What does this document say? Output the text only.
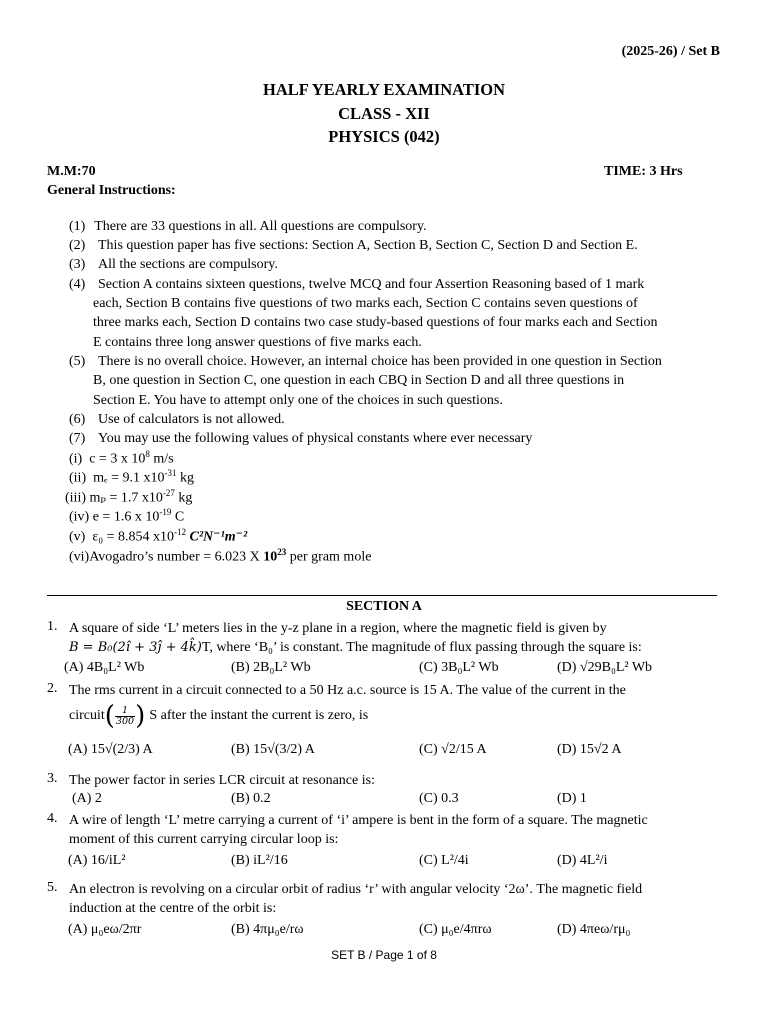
(2025-26) / Set B
HALF YEARLY EXAMINATION
CLASS - XII
PHYSICS (042)
M.M:70	TIME: 3 Hrs
General Instructions:
(1) There are 33 questions in all. All questions are compulsory.
(2) This question paper has five sections: Section A, Section B, Section C, Section D and Section E.
(3) All the sections are compulsory.
(4) Section A contains sixteen questions, twelve MCQ and four Assertion Reasoning based of 1 mark
each, Section B contains five questions of two marks each, Section C contains seven questions of
three marks each, Section D contains two case study-based questions of four marks each and Section
E contains three long answer questions of five marks each.
(5) There is no overall choice. However, an internal choice has been provided in one question in Section
B, one question in Section C, one question in each CBQ in Section D and all three questions in
Section E. You have to attempt only one of the choices in such questions.
(6) Use of calculators is not allowed.
(7) You may use the following values of physical constants where ever necessary
(i) c = 3 x $10^8$ m/s
(ii) mₑ = 9.1 $x10^{-31}$ kg
(iii) mₚ = 1.7 $x10^{-27}$ kg
(iv) e = 1.6 x $10^{-19}$ C
(v) ε₀ = 8.854 $x10^{-12}$ C²N⁻¹m⁻²
(vi)Avogadro’s number = 6.023 X $10^{23}$ per gram mole
SECTION A
1. A square of side ‘L’ meters lies in the y-z plane in a region, where the magnetic field is given by
B = B₀(2î + 3ĵ + 4k̂)T, where ‘B₀’ is constant. The magnitude of flux passing through the square is:
(A) 4B₀L² Wb	(B) 2B₀L² Wb	(C) 3B₀L² Wb	(D) √29B₀L² Wb
2. The rms current in a circuit connected to a 50 Hz a.c. source is 15 A. The value of the current in the
circuit( $\frac{1}{300}$ ) S after the instant the current is zero, is
(A) 15√(2/3) A	(B) 15√(3/2) A	(C) √2/15 A	(D) 15√2 A
3. The power factor in series LCR circuit at resonance is:
(A) 2	(B) 0.2	(C) 0.3	(D) 1
4. A wire of length ‘L’ metre carrying a current of ‘i’ ampere is bent in the form of a square. The magnetic
moment of this current carrying circular loop is:
(A) 16/iL²	(B) iL²/16	(C) L²/4i	(D) 4L²/i
5. An electron is revolving on a circular orbit of radius ‘r’ with angular velocity ‘2ω’. The magnetic field
induction at the centre of the orbit is:
(A) μ₀eω/2πr	(B) 4πμ₀e/rω	(C) μ₀e/4πrω	(D) 4πeω/rμ₀
SET B / Page 1 of 8
